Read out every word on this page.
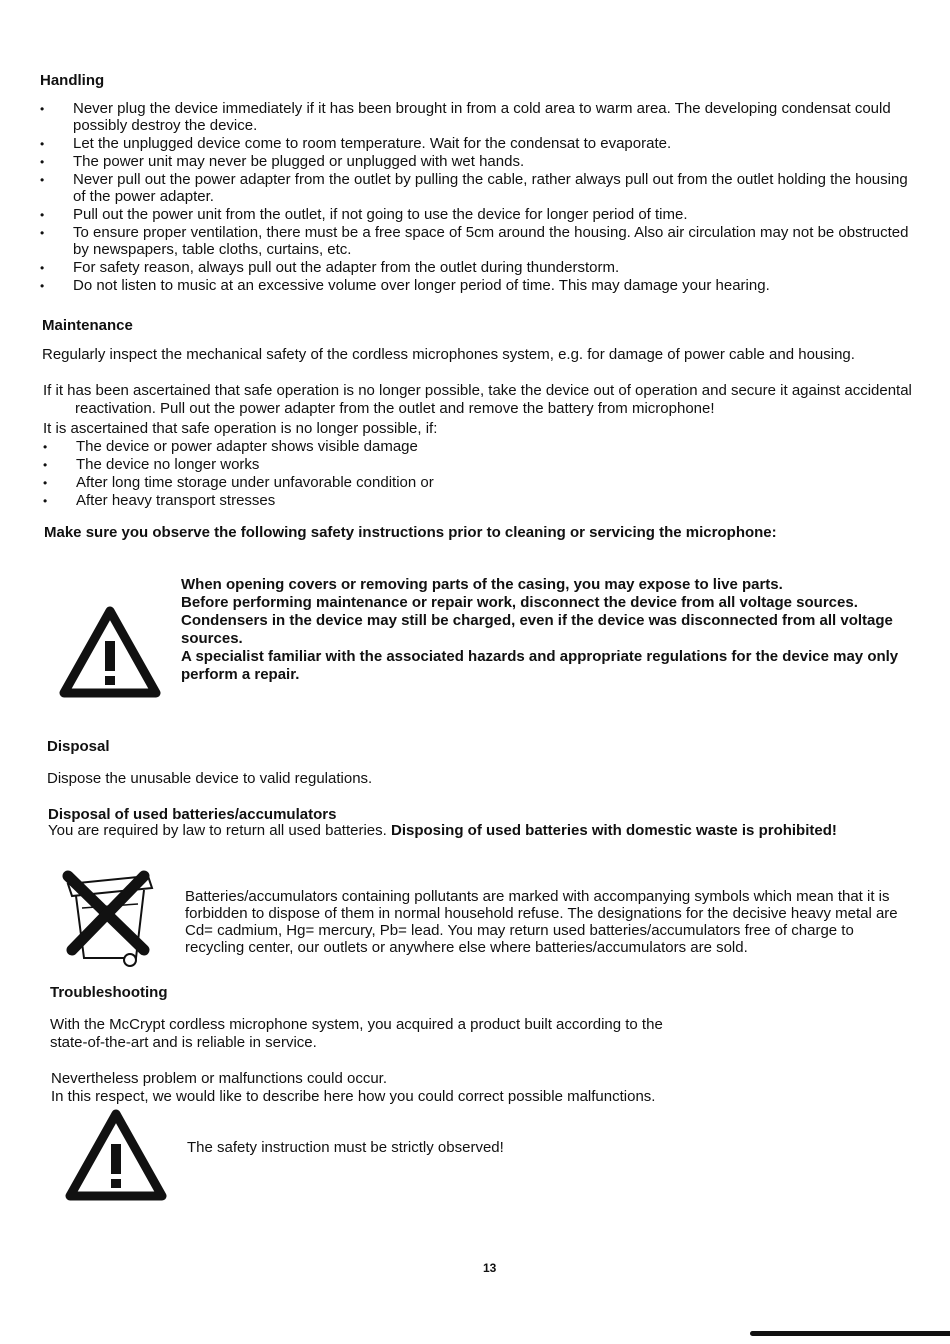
Handling
• Never plug the device immediately if it has been brought in from a cold area to warm area. The developing condensat could possibly destroy the device.
• Let the unplugged device come to room temperature. Wait for the condensat to evaporate.
• The power unit may never be plugged or unplugged with wet hands.
• Never pull out the power adapter from the outlet by pulling the cable, rather always pull out from the outlet holding the housing of the power adapter.
• Pull out the power unit from the outlet, if not going to use the device for longer period of time.
• To ensure proper ventilation, there must be a free space of 5cm around the housing. Also air circulation may not be obstructed by newspapers, table cloths, curtains, etc.
• For safety reason, always pull out the adapter from the outlet during thunderstorm.
• Do not listen to music at an excessive volume over longer period of time. This may damage your hearing.
Maintenance
Regularly inspect the mechanical safety of the cordless microphones system, e.g. for damage of power cable and housing.
If it has been ascertained that safe operation is no longer possible, take the device out of operation and secure it against accidental reactivation. Pull out the power adapter from the outlet and remove the battery from microphone!
It is ascertained that safe operation is no longer possible, if:
• The device or power adapter shows visible damage
• The device no longer works
• After long time storage under unfavorable condition or
• After heavy transport stresses
Make sure you observe the following safety instructions prior to cleaning or servicing the microphone:
When opening covers or removing parts of the casing, you may expose to live parts.
Before performing maintenance or repair work, disconnect the device from all voltage sources.
Condensers in the device may still be charged, even if the device was disconnected from all voltage sources.
A specialist familiar with the associated hazards and appropriate regulations for the device may only perform a repair.
Disposal
Dispose the unusable device to valid regulations.
Disposal of used batteries/accumulators
You are required by law to return all used batteries. Disposing of used batteries with domestic waste is prohibited!
Batteries/accumulators containing pollutants are marked with accompanying symbols which mean that it is forbidden to dispose of them in normal household refuse. The designations for the decisive heavy metal are Cd= cadmium, Hg= mercury, Pb= lead. You may return used batteries/accumulators free of charge to recycling center, our outlets or anywhere else where batteries/accumulators are sold.
Troubleshooting
With the McCrypt cordless microphone system, you acquired a product built according to the state-of-the-art and is reliable in service.
Nevertheless problem or malfunctions could occur.
In this respect, we would like to describe here how you could correct possible malfunctions.
The safety instruction must be strictly observed!
13
